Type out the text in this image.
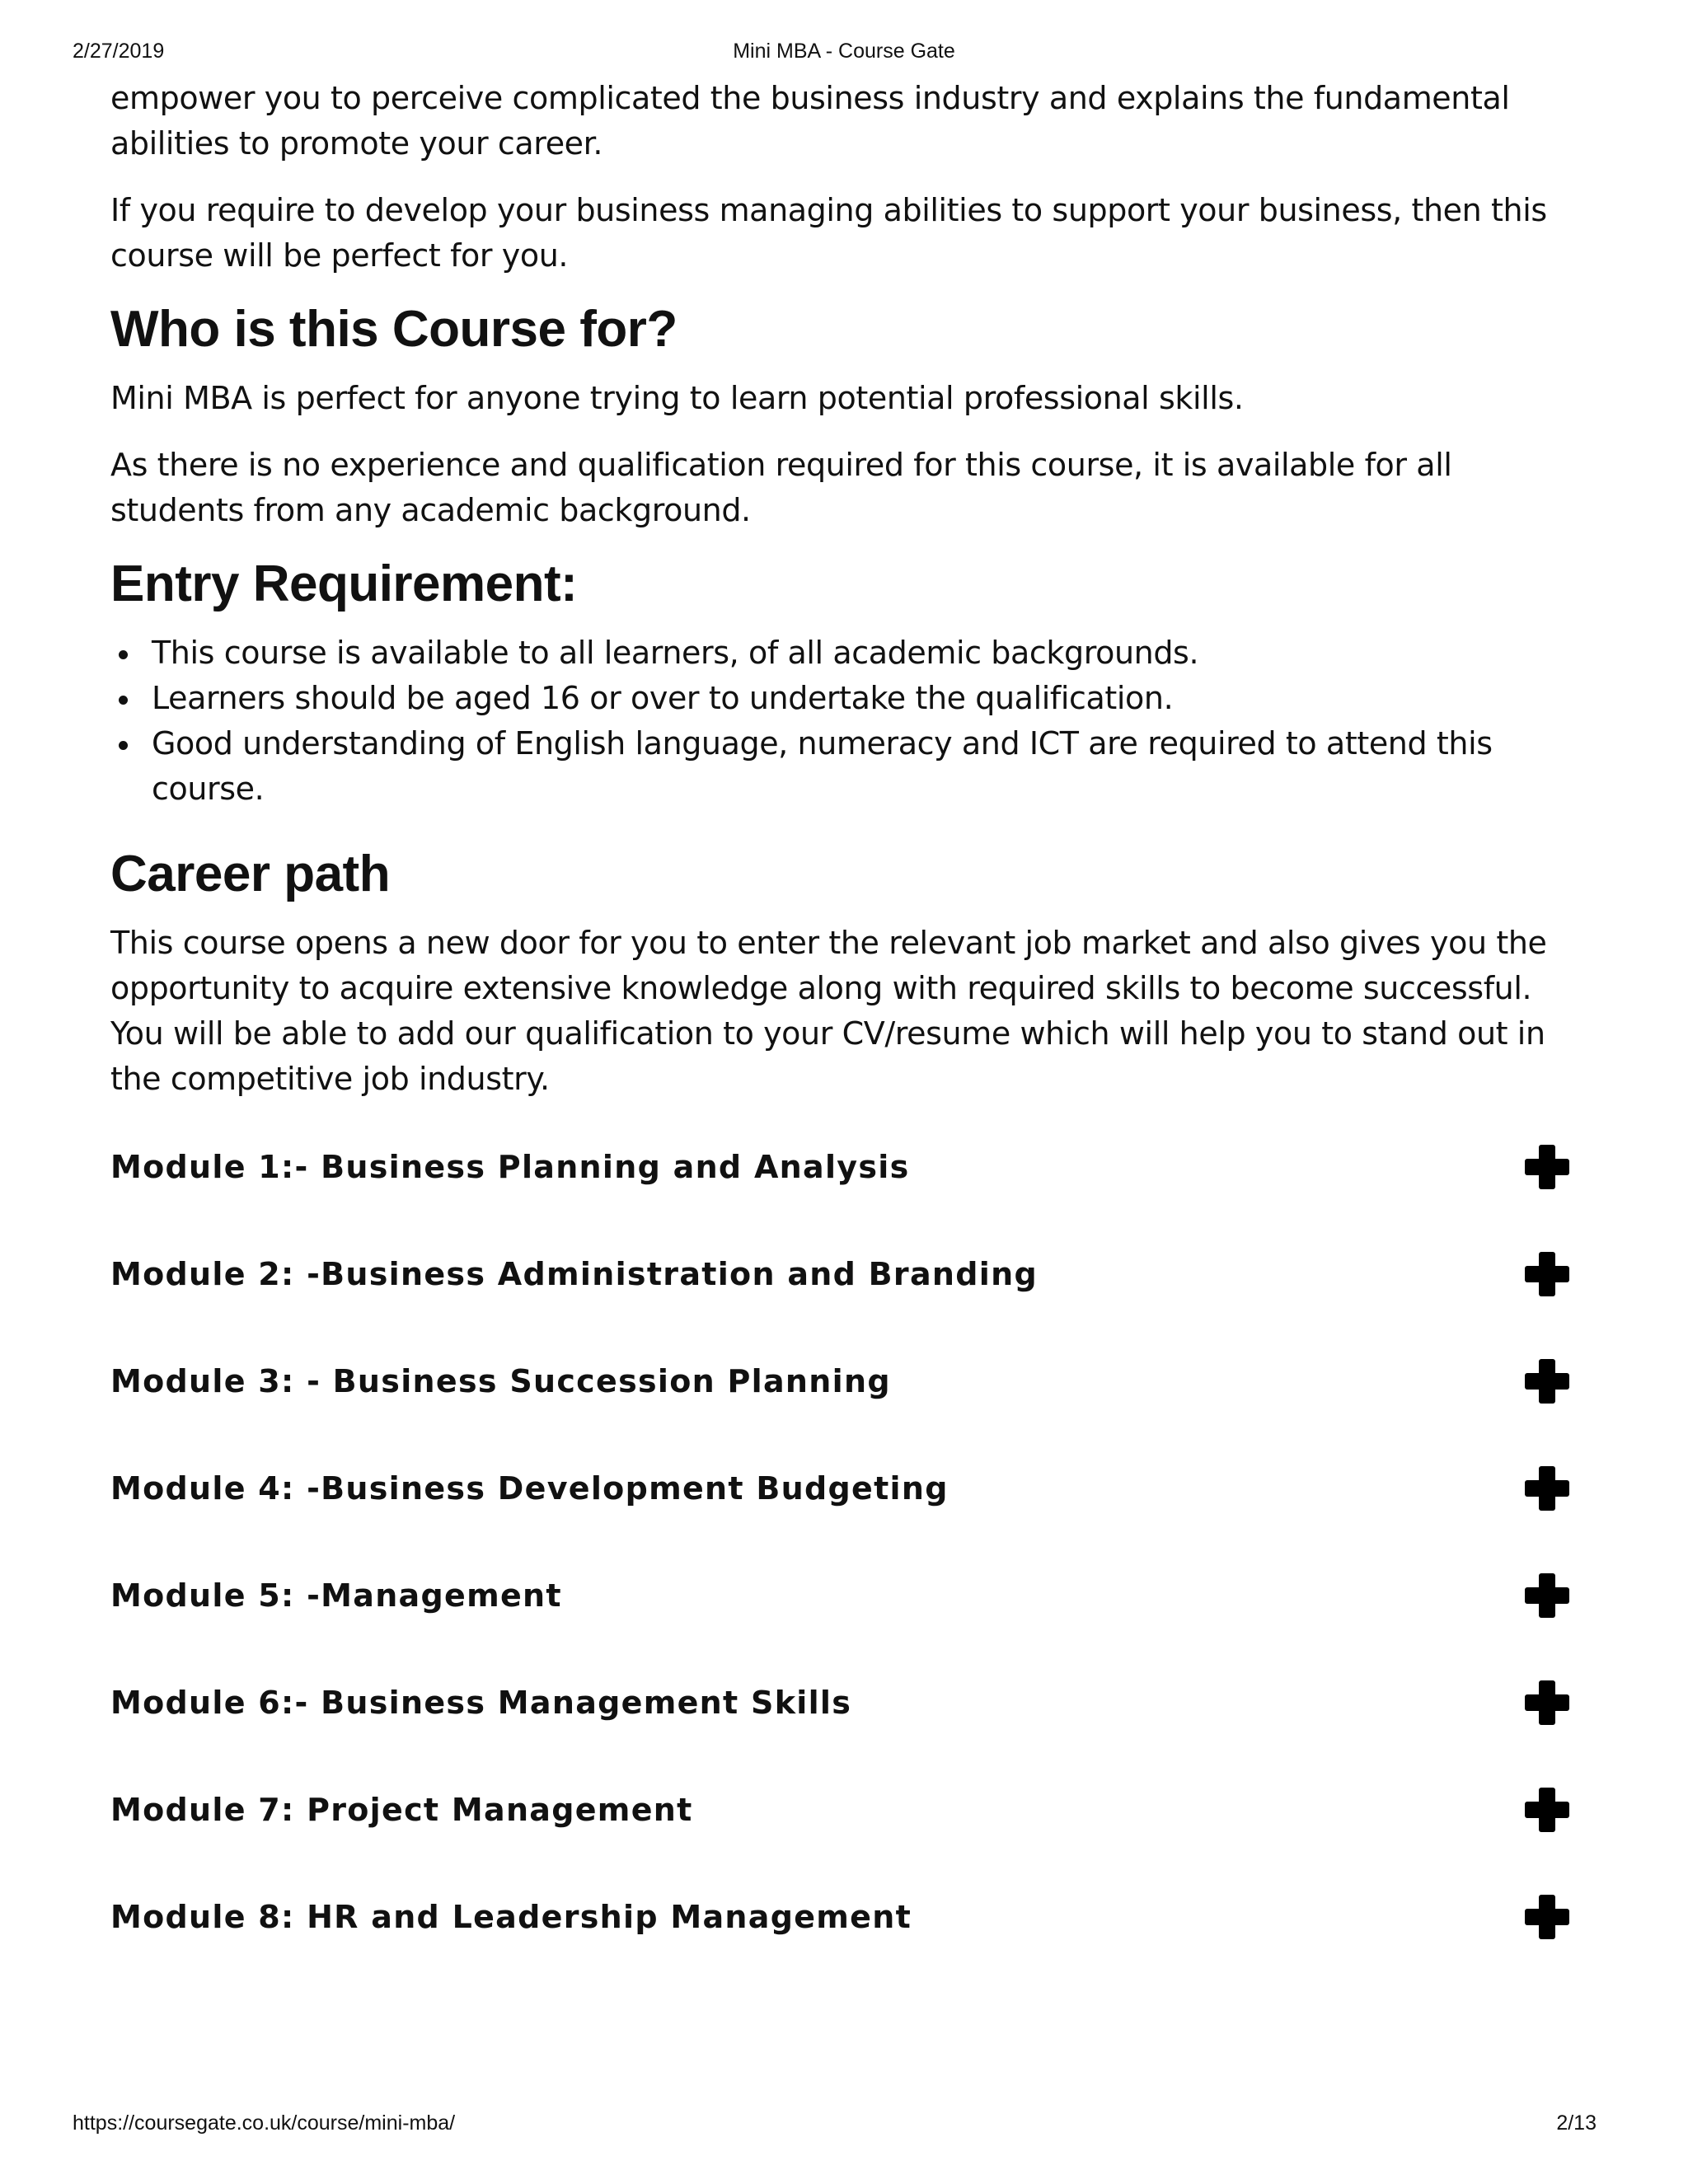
2/27/2019	Mini MBA - Course Gate

empower you to perceive complicated the business industry and explains the fundamental abilities to promote your career.

If you require to develop your business managing abilities to support your business, then this course will be perfect for you.

Who is this Course for?

Mini MBA is perfect for anyone trying to learn potential professional skills.

As there is no experience and qualification required for this course, it is available for all students from any academic background.

Entry Requirement:
This course is available to all learners, of all academic backgrounds.
Learners should be aged 16 or over to undertake the qualification.
Good understanding of English language, numeracy and ICT are required to attend this course.
Career path

This course opens a new door for you to enter the relevant job market and also gives you the opportunity to acquire extensive knowledge along with required skills to become successful. You will be able to add our qualification to your CV/resume which will help you to stand out in the competitive job industry.

Module 1:- Business Planning and Analysis
Module 2: -Business Administration and Branding
Module 3: - Business Succession Planning
Module 4: -Business Development Budgeting
Module 5: -Management
Module 6:- Business Management Skills
Module 7: Project Management
Module 8: HR and Leadership Management
https://coursegate.co.uk/course/mini-mba/	2/13
